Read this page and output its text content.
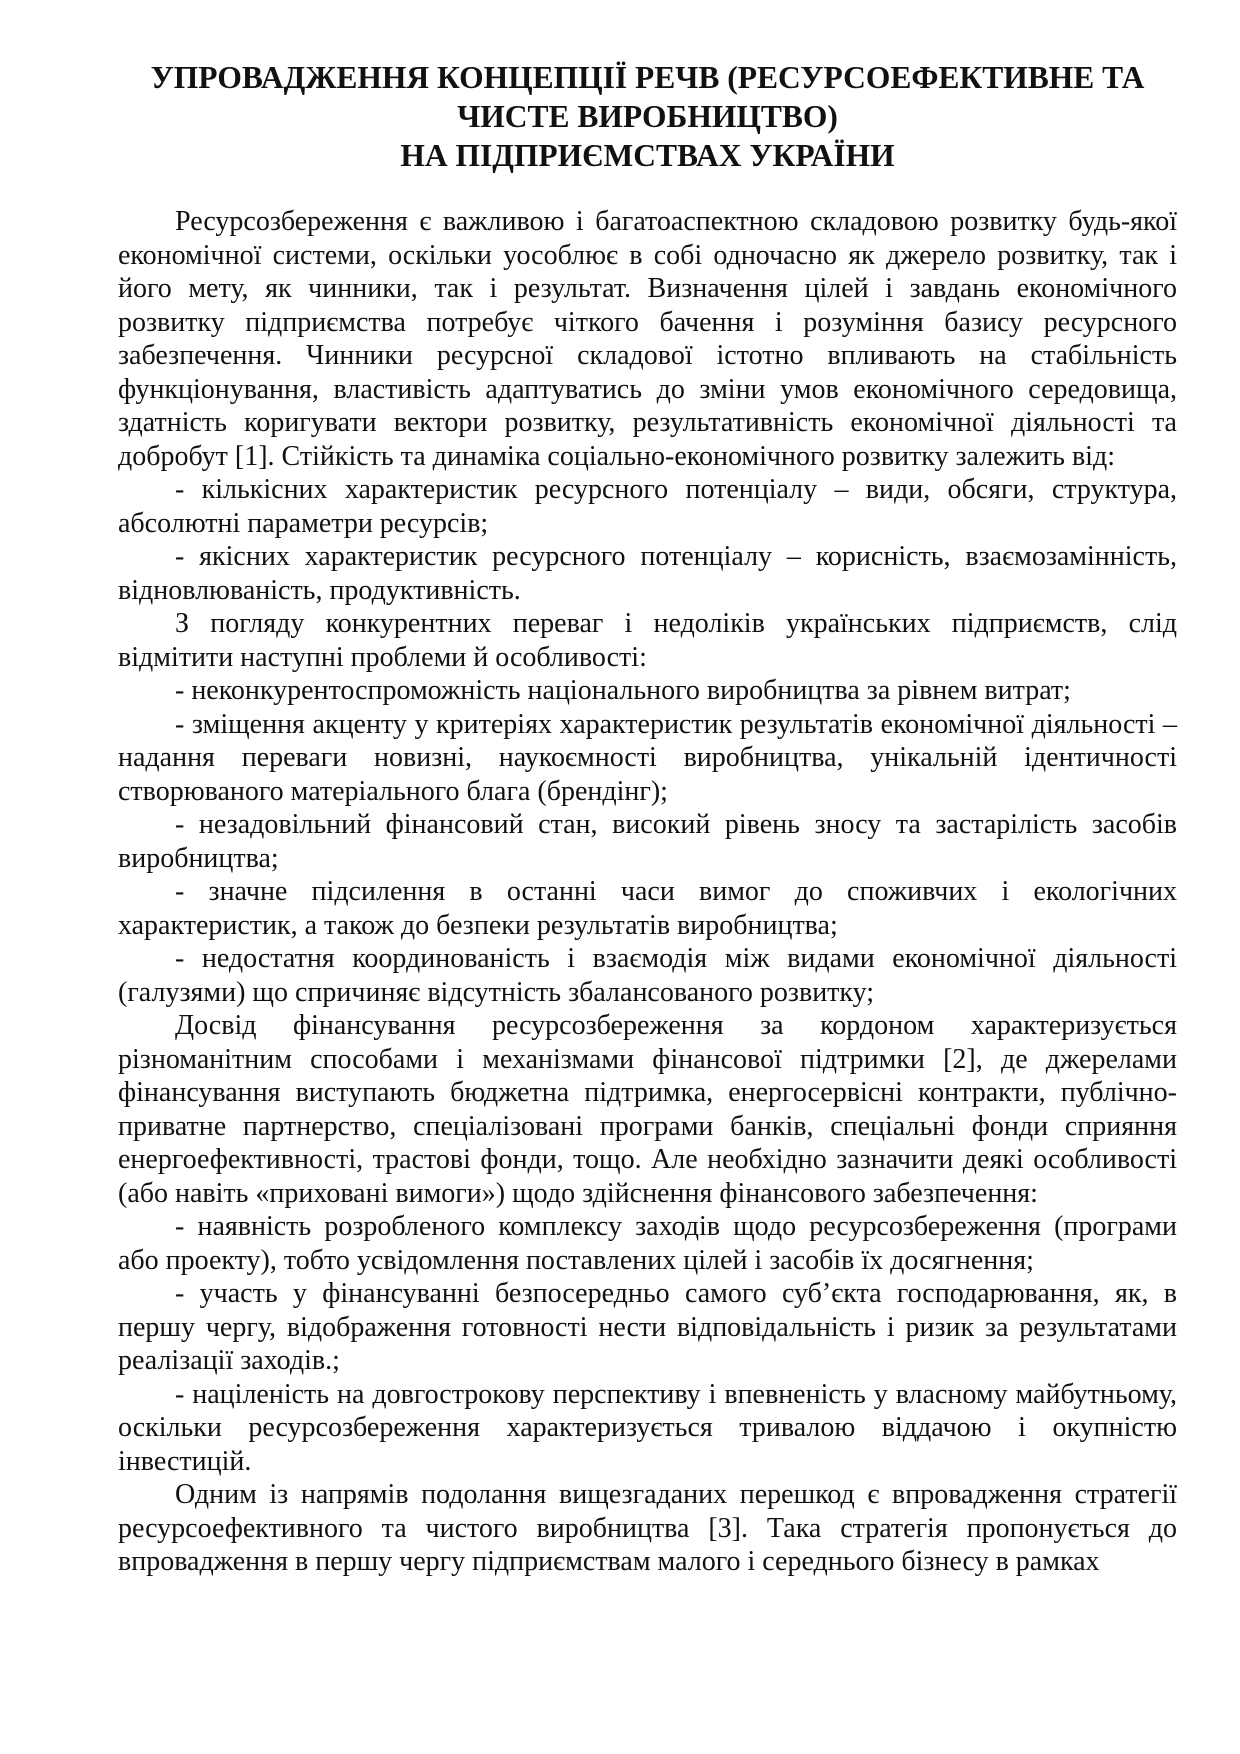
УПРОВАДЖЕННЯ КОНЦЕПЦІЇ РЕЧВ (РЕСУРСОЕФЕКТИВНЕ ТА
ЧИСТЕ ВИРОБНИЦТВО)
НА ПІДПРИЄМСТВАХ УКРАЇНИ

Ресурсозбереження є важливою і багатоаспектною складовою розвитку будь-якої економічної системи, оскільки уособлює в собі одночасно як джерело розвитку, так і його мету, як чинники, так і результат. Визначення цілей і завдань економічного розвитку підприємства потребує чіткого бачення і розуміння базису ресурсного забезпечення. Чинники ресурсної складової істотно впливають на стабільність функціонування, властивість адаптуватись до зміни умов економічного середовища, здатність коригувати вектори розвитку, результативність економічної діяльності та добробут [1]. Стійкість та динаміка соціально-економічного розвитку залежить від:

- кількісних характеристик ресурсного потенціалу – види, обсяги, структура, абсолютні параметри ресурсів;

- якісних характеристик ресурсного потенціалу – корисність, взаємозамінність, відновлюваність, продуктивність.

З погляду конкурентних переваг і недоліків українських підприємств, слід відмітити наступні проблеми й особливості:

- неконкурентоспроможність національного виробництва за рівнем витрат;

- зміщення акценту у критеріях характеристик результатів економічної діяльності – надання переваги новизні, наукоємності виробництва, унікальній ідентичності створюваного матеріального блага (брендінг);

- незадовільний фінансовий стан, високий рівень зносу та застарілість засобів виробництва;

- значне підсилення в останні часи вимог до споживчих і екологічних характеристик, а також до безпеки результатів виробництва;

- недостатня координованість і взаємодія між видами економічної діяльності (галузями) що спричиняє відсутність збалансованого розвитку;

Досвід фінансування ресурсозбереження за кордоном характеризується різноманітним способами і механізмами фінансової підтримки [2], де джерелами фінансування виступають бюджетна підтримка, енергосервісні контракти, публічно-приватне партнерство, спеціалізовані програми банків, спеціальні фонди сприяння енергоефективності, трастові фонди, тощо. Але необхідно зазначити деякі особливості (або навіть «приховані вимоги») щодо здійснення фінансового забезпечення:

- наявність розробленого комплексу заходів щодо ресурсозбереження (програми або проекту), тобто усвідомлення поставлених цілей і засобів їх досягнення;

- участь у фінансуванні безпосередньо самого суб’єкта господарювання, як, в першу чергу, відображення готовності нести відповідальність і ризик за результатами реалізації заходів.;

- націленість на довгострокову перспективу і впевненість у власному майбутньому, оскільки ресурсозбереження характеризується тривалою віддачою і окупністю інвестицій.

Одним із напрямів подолання вищезгаданих перешкод є впровадження стратегії ресурсоефективного та чистого виробництва [3]. Така стратегія пропонується до впровадження в першу чергу підприємствам малого і середнього бізнесу в рамках
